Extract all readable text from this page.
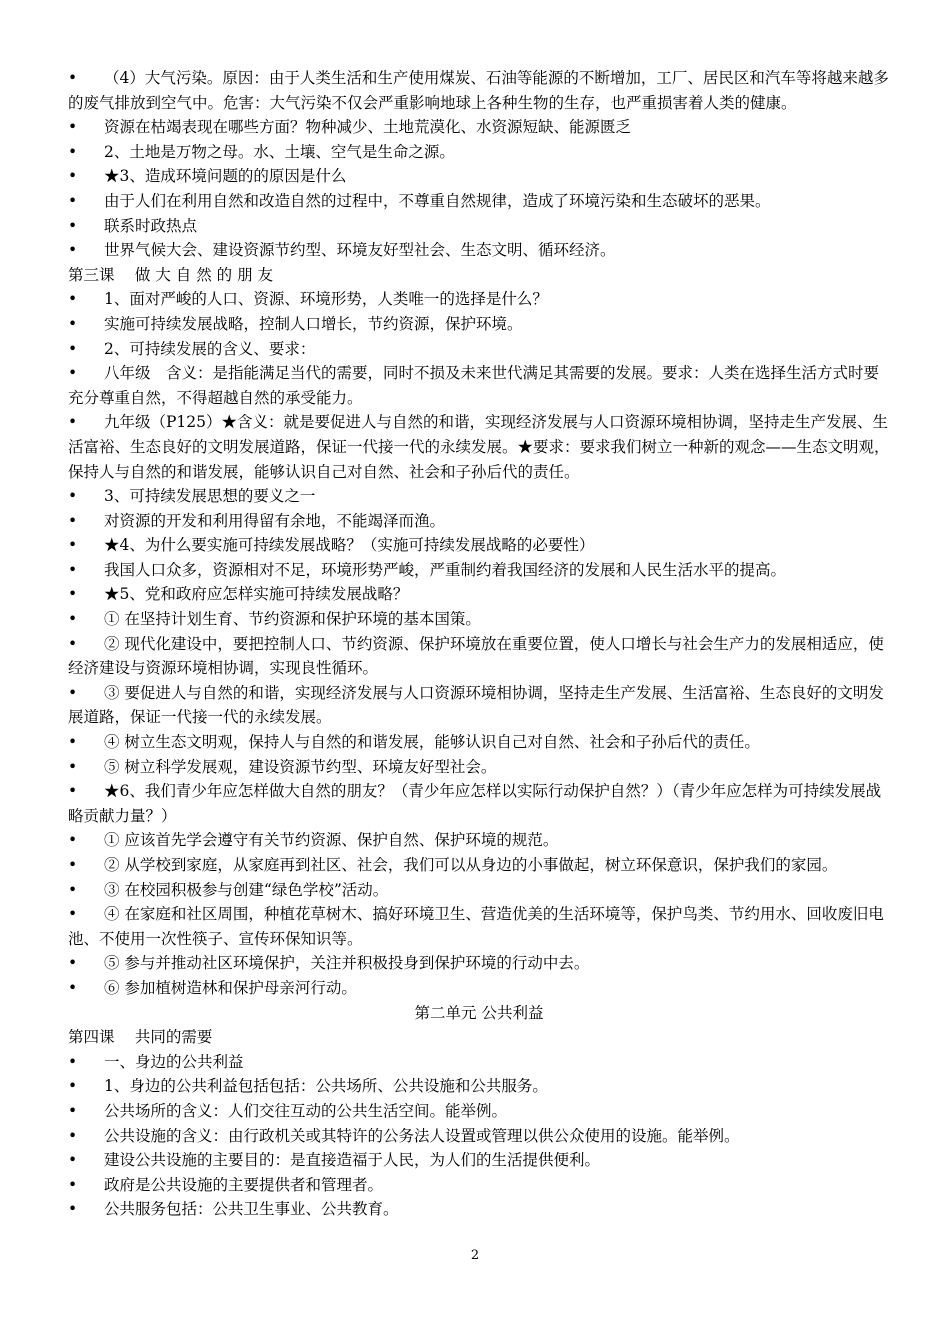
• （4）大气污染。原因：由于人类生活和生产使用煤炭、石油等能源的不断增加，工厂、居民区和汽车等将越来越多的废气排放到空气中。危害：大气污染不仅会严重影响地球上各种生物的生存，也严重损害着人类的健康。
• 资源在枯竭表现在哪些方面？物种减少、土地荒漠化、水资源短缺、能源匮乏
• 2、土地是万物之母。水、土壤、空气是生命之源。
• ★3、造成环境问题的的原因是什么
• 由于人们在利用自然和改造自然的过程中，不尊重自然规律，造成了环境污染和生态破坏的恶果。
• 联系时政热点
• 世界气候大会、建设资源节约型、环境友好型社会、生态文明、循环经济。
第三课　 做 大 自 然 的 朋 友
• 1、面对严峻的人口、资源、环境形势，人类唯一的选择是什么？
• 实施可持续发展战略，控制人口增长，节约资源，保护环境。
• 2、可持续发展的含义、要求：
• 八年级　含义：是指能满足当代的需要，同时不损及未来世代满足其需要的发展。要求：人类在选择生活方式时要充分尊重自然，不得超越自然的承受能力。
• 九年级（P125）★含义：就是要促进人与自然的和谐，实现经济发展与人口资源环境相协调，坚持走生产发展、生活富裕、生态良好的文明发展道路，保证一代接一代的永续发展。★要求：要求我们树立一种新的观念——生态文明观，保持人与自然的和谐发展，能够认识自己对自然、社会和子孙后代的责任。
• 3、可持续发展思想的要义之一
• 对资源的开发和利用得留有余地，不能竭泽而渔。
• ★4、为什么要实施可持续发展战略？（实施可持续发展战略的必要性）
• 我国人口众多，资源相对不足，环境形势严峻，严重制约着我国经济的发展和人民生活水平的提高。
• ★5、党和政府应怎样实施可持续发展战略？
• ① 在坚持计划生育、节约资源和保护环境的基本国策。
• ② 现代化建设中，要把控制人口、节约资源、保护环境放在重要位置，使人口增长与社会生产力的发展相适应，使经济建设与资源环境相协调，实现良性循环。
• ③ 要促进人与自然的和谐，实现经济发展与人口资源环境相协调，坚持走生产发展、生活富裕、生态良好的文明发展道路，保证一代接一代的永续发展。
• ④ 树立生态文明观，保持人与自然的和谐发展，能够认识自己对自然、社会和子孙后代的责任。
• ⑤ 树立科学发展观，建设资源节约型、环境友好型社会。
• ★6、我们青少年应怎样做大自然的朋友？（青少年应怎样以实际行动保护自然？）（青少年应怎样为可持续发展战略贡献力量？）
• ① 应该首先学会遵守有关节约资源、保护自然、保护环境的规范。
• ② 从学校到家庭，从家庭再到社区、社会，我们可以从身边的小事做起，树立环保意识，保护我们的家园。
• ③ 在校园积极参与创建“绿色学校”活动。
• ④ 在家庭和社区周围，种植花草树木、搞好环境卫生、营造优美的生活环境等，保护鸟类、节约用水、回收废旧电池、不使用一次性筷子、宣传环保知识等。
• ⑤ 参与并推动社区环境保护，关注并积极投身到保护环境的行动中去。
• ⑥ 参加植树造林和保护母亲河行动。
第二单元 公共利益
第四课　 共同的需要
• 一、身边的公共利益
• 1、身边的公共利益包括包括：公共场所、公共设施和公共服务。
• 公共场所的含义：人们交往互动的公共生活空间。能举例。
• 公共设施的含义：由行政机关或其特许的公务法人设置或管理以供公众使用的设施。能举例。
• 建设公共设施的主要目的：是直接造福于人民，为人们的生活提供便利。
• 政府是公共设施的主要提供者和管理者。
• 公共服务包括：公共卫生事业、公共教育。
2
